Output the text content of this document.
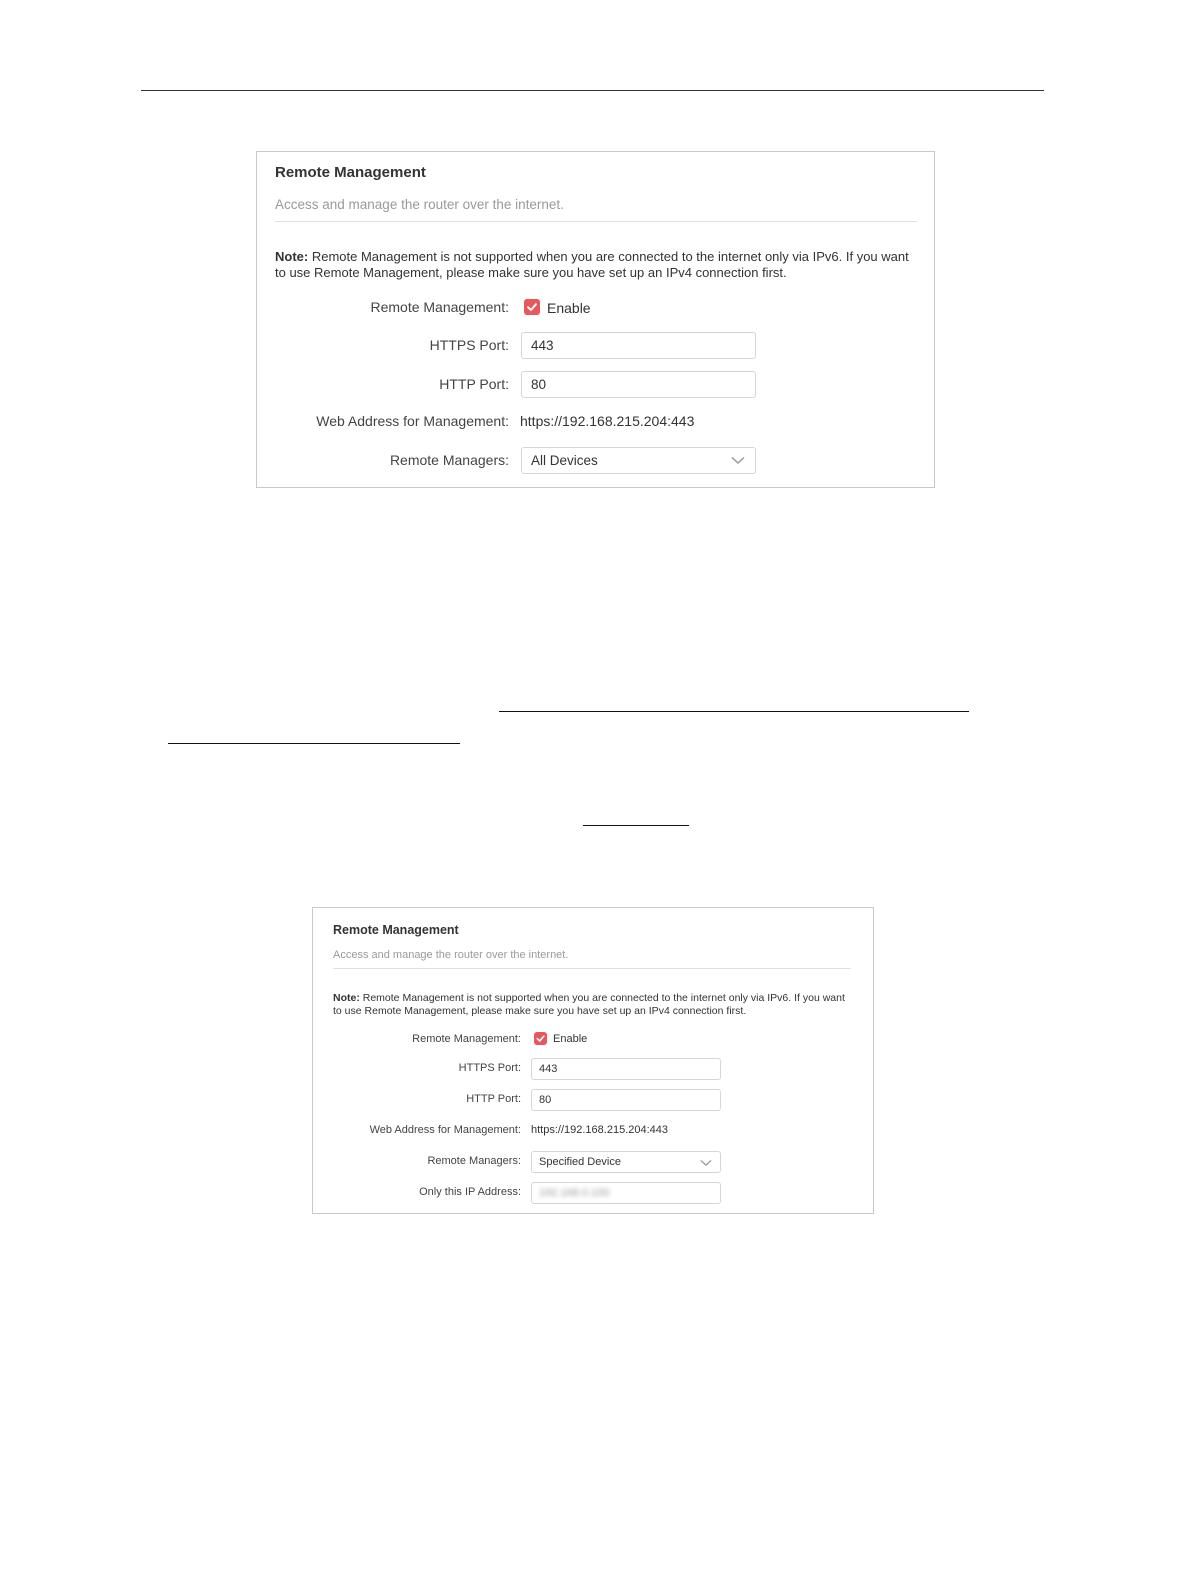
Remote Management
Access and manage the router over the internet.
Note: Remote Management is not supported when you are connected to the internet only via IPv6. If you want to use Remote Management, please make sure you have set up an IPv4 connection first.
Remote Management:	Enable
HTTPS Port: 443
HTTP Port: 80
Web Address for Management: https://192.168.215.204:443
Remote Managers: All Devices
Remote Management
Access and manage the router over the internet.
Note: Remote Management is not supported when you are connected to the internet only via IPv6. If you want to use Remote Management, please make sure you have set up an IPv4 connection first.
Remote Management:	Enable
HTTPS Port: 443
HTTP Port: 80
Web Address for Management: https://192.168.215.204:443
Remote Managers: Specified Device
Only this IP Address: 192.168.0.100
